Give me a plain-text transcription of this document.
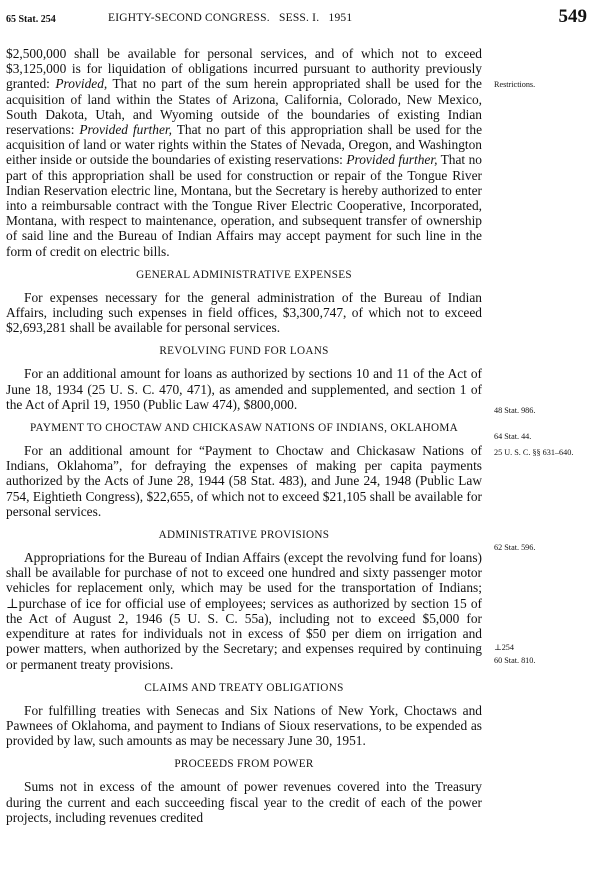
65 Stat. 254	EIGHTY-SECOND CONGRESS.   SESS. I.   1951	549

$2,500,000 shall be available for personal services, and of which not to exceed $3,125,000 is for liquidation of obligations incurred pursuant to authority previously granted: Provided, That no part of the sum herein appropriated shall be used for the acquisition of land within the States of Arizona, California, Colorado, New Mexico, South Dakota, Utah, and Wyoming outside of the boundaries of existing Indian reservations: Provided further, That no part of this appropriation shall be used for the acquisition of land or water rights within the States of Nevada, Oregon, and Washington either inside or outside the boundaries of existing reservations: Provided further, That no part of this appropriation shall be used for construction or repair of the Tongue River Indian Reservation electric line, Montana, but the Secretary is hereby authorized to enter into a reimbursable contract with the Tongue River Electric Cooperative, Incorporated, Montana, with respect to maintenance, operation, and subsequent transfer of ownership of said line and the Bureau of Indian Affairs may accept payment for such line in the form of credit on electric bills.

GENERAL ADMINISTRATIVE EXPENSES

For expenses necessary for the general administration of the Bureau of Indian Affairs, including such expenses in field offices, $3,300,747, of which not to exceed $2,693,281 shall be available for personal services.

REVOLVING FUND FOR LOANS

For an additional amount for loans as authorized by sections 10 and 11 of the Act of June 18, 1934 (25 U. S. C. 470, 471), as amended and supplemented, and section 1 of the Act of April 19, 1950 (Public Law 474), $800,000.

PAYMENT TO CHOCTAW AND CHICKASAW NATIONS OF INDIANS, OKLAHOMA

For an additional amount for “Payment to Choctaw and Chickasaw Nations of Indians, Oklahoma”, for defraying the expenses of making per capita payments authorized by the Acts of June 28, 1944 (58 Stat. 483), and June 24, 1948 (Public Law 754, Eightieth Congress), $22,655, of which not to exceed $21,105 shall be available for personal services.

ADMINISTRATIVE PROVISIONS

Appropriations for the Bureau of Indian Affairs (except the revolving fund for loans) shall be available for purchase of not to exceed one hundred and sixty passenger motor vehicles for replacement only, which may be used for the transportation of Indians; ⊥purchase of ice for official use of employees; services as authorized by section 15 of the Act of August 2, 1946 (5 U. S. C. 55a), including not to exceed $5,000 for expenditure at rates for individuals not in excess of $50 per diem on irrigation and power matters, when authorized by the Secretary; and expenses required by continuing or permanent treaty provisions.

CLAIMS AND TREATY OBLIGATIONS

For fulfilling treaties with Senecas and Six Nations of New York, Choctaws and Pawnees of Oklahoma, and payment to Indians of Sioux reservations, to be expended as provided by law, such amounts as may be necessary June 30, 1951.

PROCEEDS FROM POWER

Sums not in excess of the amount of power revenues covered into the Treasury during the current and each succeeding fiscal year to the credit of each of the power projects, including revenues credited

Restrictions.
48 Stat. 986.
64 Stat. 44.
25 U. S. C. §§ 631–640.
62 Stat. 596.
⊥254
60 Stat. 810.
